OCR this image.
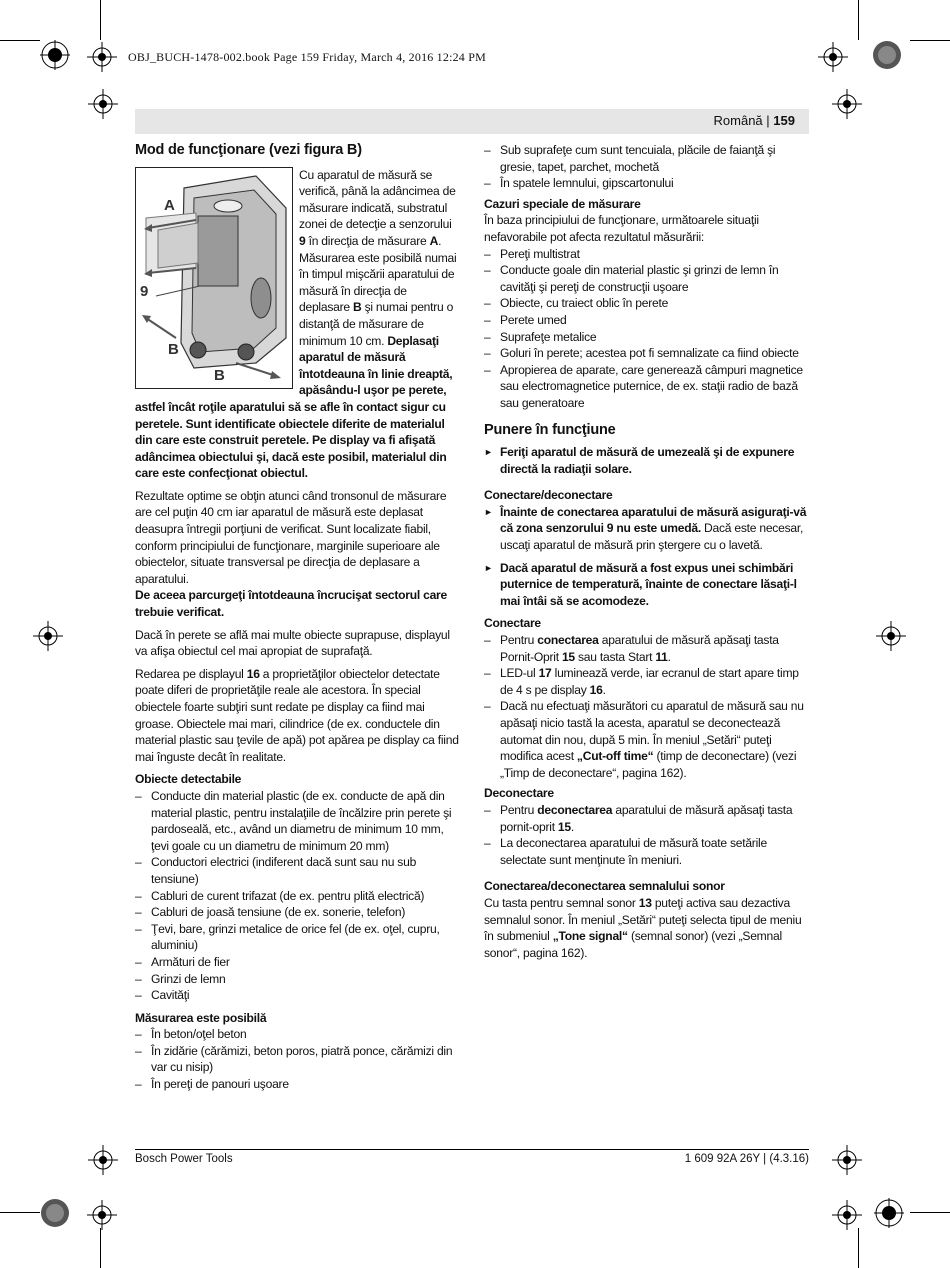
OBJ_BUCH-1478-002.book Page 159 Friday, March 4, 2016 12:24 PM
Română | 159
Mod de funcţionare (vezi figura B)
A
9
B
B

Cu aparatul de măsură se verifică, până la adâncimea de măsurare indicată, substratul zonei de detecţie a senzorului 9 în direcţia de măsurare A. Măsurarea este posibilă numai în timpul mişcării aparatului de măsură în direcţia de deplasare B şi numai pentru o distanţă de măsurare de minimum 10 cm. Deplasaţi aparatul de măsură întotdeauna în linie dreaptă, apăsându-l uşor pe perete, astfel încât roţile aparatului să se afle în contact sigur cu peretele. Sunt identificate obiectele diferite de materialul din care este construit peretele. Pe display va fi afişată adâncimea obiectului şi, dacă este posibil, materialul din care este confecţionat obiectul.

Rezultate optime se obţin atunci când tronsonul de măsurare are cel puţin 40 cm iar aparatul de măsură este deplasat deasupra întregii porţiuni de verificat. Sunt localizate fiabil, conform principiului de funcţionare, marginile superioare ale obiectelor, situate transversal pe direcţia de deplasare a aparatului.

De aceea parcurgeţi întotdeauna încrucişat sectorul care trebuie verificat.

Dacă în perete se află mai multe obiecte suprapuse, displayul va afişa obiectul cel mai apropiat de suprafaţă.

Redarea pe displayul 16 a proprietăţilor obiectelor detectate poate diferi de proprietăţile reale ale acestora. În special obiectele foarte subţiri sunt redate pe display ca fiind mai groase. Obiectele mai mari, cilindrice (de ex. conductele din material plastic sau ţevile de apă) pot apărea pe display ca fiind mai înguste decât în realitate.

Obiecte detectabile
– Conducte din material plastic (de ex. conducte de apă din material plastic, pentru instalaţiile de încălzire prin perete şi pardoseală, etc., având un diametru de minimum 10 mm, ţevi goale cu un diametru de minimum 20 mm)
– Conductori electrici (indiferent dacă sunt sau nu sub tensiune)
– Cabluri de curent trifazat (de ex. pentru plită electrică)
– Cabluri de joasă tensiune (de ex. sonerie, telefon)
– Ţevi, bare, grinzi metalice de orice fel (de ex. oţel, cupru, aluminiu)
– Armături de fier
– Grinzi de lemn
– Cavităţi
Măsurarea este posibilă
– În beton/oţel beton
– În zidărie (cărămizi, beton poros, piatră ponce, cărămizi din var cu nisip)
– În pereţi de panouri uşoare
– Sub suprafeţe cum sunt tencuiala, plăcile de faianţă şi gresie, tapet, parchet, mochetă
– În spatele lemnului, gipscartonului
Cazuri speciale de măsurare

În baza principiului de funcţionare, următoarele situaţii nefavorabile pot afecta rezultatul măsurării:

– Pereţi multistrat
– Conducte goale din material plastic şi grinzi de lemn în cavităţi şi pereţi de construcţii uşoare
– Obiecte, cu traiect oblic în perete
– Perete umed
– Suprafeţe metalice
– Goluri în perete; acestea pot fi semnalizate ca fiind obiecte
– Apropierea de aparate, care generează câmpuri magnetice sau electromagnetice puternice, de ex. staţii radio de bază sau generatoare
Punere în funcţiune

► Feriţi aparatul de măsură de umezeală şi de expunere directă la radiaţii solare.

Conectare/deconectare

► Înainte de conectarea aparatului de măsură asiguraţi-vă că zona senzorului 9 nu este umedă. Dacă este necesar, uscaţi aparatul de măsură prin ştergere cu o lavetă.

► Dacă aparatul de măsură a fost expus unei schimbări puternice de temperatură, înainte de conectare lăsaţi-l mai întâi să se acomodeze.

Conectare
– Pentru conectarea aparatului de măsură apăsaţi tasta Pornit-Oprit 15 sau tasta Start 11.
– LED-ul 17 luminează verde, iar ecranul de start apare timp de 4 s pe display 16.
– Dacă nu efectuaţi măsurători cu aparatul de măsură sau nu apăsaţi nicio tastă la acesta, aparatul se deconectează automat din nou, după 5 min. În meniul „Setări“ puteţi modifica acest „Cut-off time“ (timp de deconectare) (vezi „Timp de deconectare“, pagina 162).
Deconectare
– Pentru deconectarea aparatului de măsură apăsaţi tasta pornit-oprit 15.
– La deconectarea aparatului de măsură toate setările selectate sunt menţinute în meniuri.
Conectarea/deconectarea semnalului sonor

Cu tasta pentru semnal sonor 13 puteţi activa sau dezactiva semnalul sonor. În meniul „Setări“ puteţi selecta tipul de meniu în submeniul „Tone signal“ (semnal sonor) (vezi „Semnal sonor“, pagina 162).

Bosch Power Tools	1 609 92A 26Y | (4.3.16)
